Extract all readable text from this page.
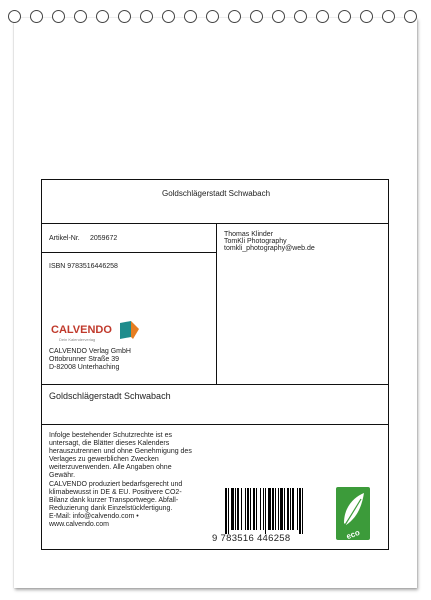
Goldschlägerstadt Schwabach
Artikel-Nr. 2059672
Thomas Klinder
TomKli Photography
tomkli_photography@web.de
ISBN 9783516446258
CALVENDO
Dein Kalenderverlag
CALVENDO Verlag GmbH
Ottobrunner Straße 39
D-82008 Unterhaching
Goldschlägerstadt Schwabach
Infolge bestehender Schutzrechte ist es
untersagt, die Blätter dieses Kalenders
herauszutrennen und ohne Genehmigung des
Verlages zu gewerblichen Zwecken
weiterzuverwenden. Alle Angaben ohne
Gewähr.
CALVENDO produziert bedarfsgerecht und
klimabewusst in DE & EU. Positivere CO2-
Bilanz dank kurzer Transportwege. Abfall-
Reduzierung dank Einzelstückfertigung.
E-Mail: info@calvendo.com •
www.calvendo.com
9 783516 446258	eco
